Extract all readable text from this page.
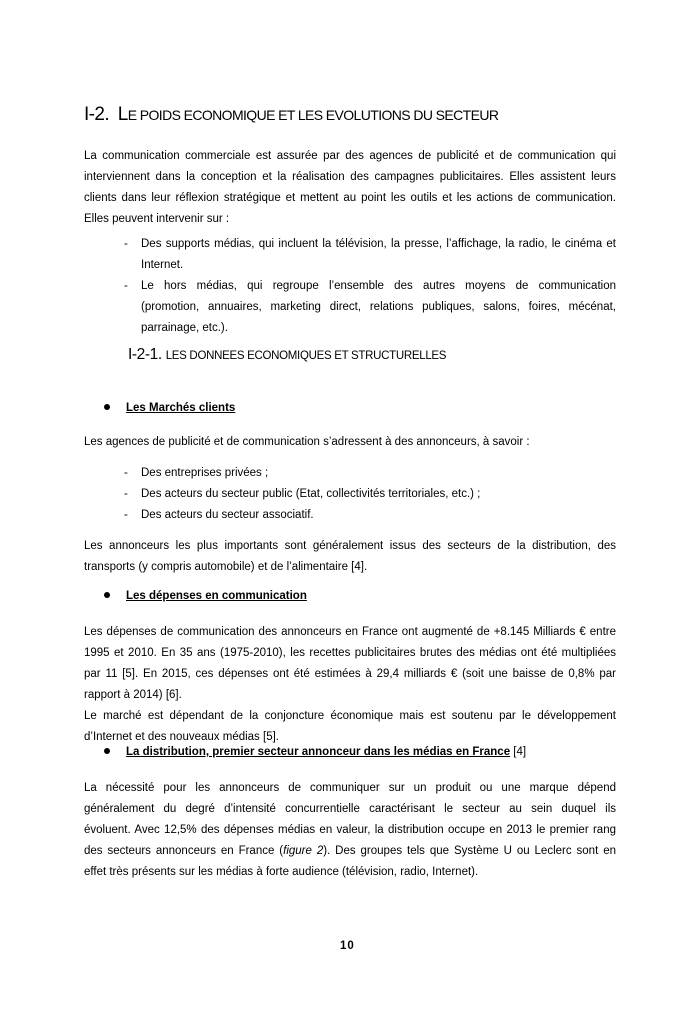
I-2. LE POIDS ECONOMIQUE ET LES EVOLUTIONS DU SECTEUR
La communication commerciale est assurée par des agences de publicité et de communication qui
interviennent dans la conception et la réalisation des campagnes publicitaires. Elles assistent leurs
clients dans leur réflexion stratégique et mettent au point les outils et les actions de communication.
Elles peuvent intervenir sur :
- Des supports médias, qui incluent la télévision, la presse, l’affichage, la radio, le cinéma et
Internet.
- Le hors médias, qui regroupe l’ensemble des autres moyens de communication
(promotion, annuaires, marketing direct, relations publiques, salons, foires, mécénat,
parrainage, etc.).
I-2-1. LES DONNEES ECONOMIQUES ET STRUCTURELLES
Les Marchés clients
Les agences de publicité et de communication s’adressent à des annonceurs, à savoir :
- Des entreprises privées ;
- Des acteurs du secteur public (Etat, collectivités territoriales, etc.) ;
- Des acteurs du secteur associatif.
Les annonceurs les plus importants sont généralement issus des secteurs de la distribution, des
transports (y compris automobile) et de l’alimentaire [4].
Les dépenses en communication
Les dépenses de communication des annonceurs en France ont augmenté de +8.145 Milliards € entre
1995 et 2010. En 35 ans (1975-2010), les recettes publicitaires brutes des médias ont été multipliées
par 11 [5]. En 2015, ces dépenses ont été estimées à 29,4 milliards € (soit une baisse de 0,8% par
rapport à 2014) [6].
Le marché est dépendant de la conjoncture économique mais est soutenu par le développement
d’Internet et des nouveaux médias [5].
La distribution, premier secteur annonceur dans les médias en France [4]
La nécessité pour les annonceurs de communiquer sur un produit ou une marque dépend
généralement du degré d’intensité concurrentielle caractérisant le secteur au sein duquel ils
évoluent. Avec 12,5% des dépenses médias en valeur, la distribution occupe en 2013 le premier rang
des secteurs annonceurs en France (figure 2). Des groupes tels que Système U ou Leclerc sont en
effet très présents sur les médias à forte audience (télévision, radio, Internet).
10
